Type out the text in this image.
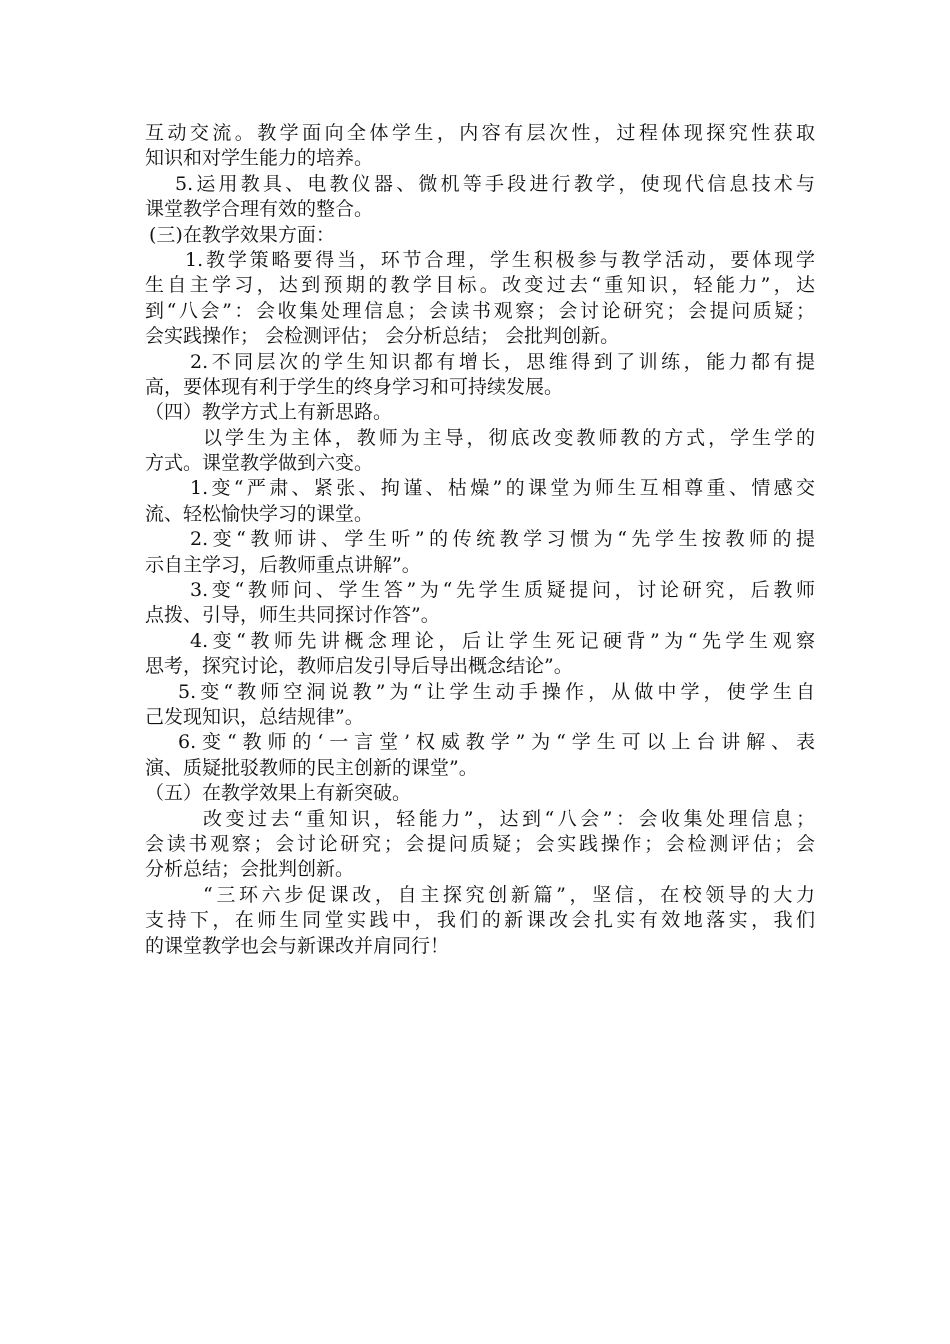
互动交流。教学面向全体学生，内容有层次性，过程体现探究性获取
知识和对学生能力的培养。
5.运用教具、电教仪器、微机等手段进行教学，使现代信息技术与
课堂教学合理有效的整合。
(三)在教学效果方面：
1.教学策略要得当，环节合理，学生积极参与教学活动，要体现学
生自主学习，达到预期的教学目标。改变过去“重知识，轻能力”，达
到“八会”：会收集处理信息；会读书观察；会讨论研究；会提问质疑；
会实践操作； 会检测评估； 会分析总结； 会批判创新。
2.不同层次的学生知识都有增长，思维得到了训练，能力都有提
高，要体现有利于学生的终身学习和可持续发展。
（四）教学方式上有新思路。
以学生为主体，教师为主导，彻底改变教师教的方式，学生学的
方式。课堂教学做到六变。
1.变“严肃、紧张、拘谨、枯燥”的课堂为师生互相尊重、情感交
流、轻松愉快学习的课堂。
2.变“教师讲、学生听”的传统教学习惯为“先学生按教师的提
示自主学习，后教师重点讲解”。
3.变“教师问、学生答”为“先学生质疑提问，讨论研究，后教师
点拨、引导，师生共同探讨作答”。
4.变“教师先讲概念理论，后让学生死记硬背”为“先学生观察
思考，探究讨论，教师启发引导后导出概念结论”。
5.变“教师空洞说教”为“让学生动手操作，从做中学，使学生自
己发现知识，总结规律”。
6.变“教师的‘一言堂’权威教学”为“学生可以上台讲解、表
演、质疑批驳教师的民主创新的课堂”。
（五）在教学效果上有新突破。
改变过去“重知识，轻能力”，达到“八会”：会收集处理信息；
会读书观察；会讨论研究；会提问质疑；会实践操作；会检测评估；会
分析总结；会批判创新。
“三环六步促课改，自主探究创新篇”，坚信，在校领导的大力
支持下，在师生同堂实践中，我们的新课改会扎实有效地落实，我们
的课堂教学也会与新课改并肩同行！
